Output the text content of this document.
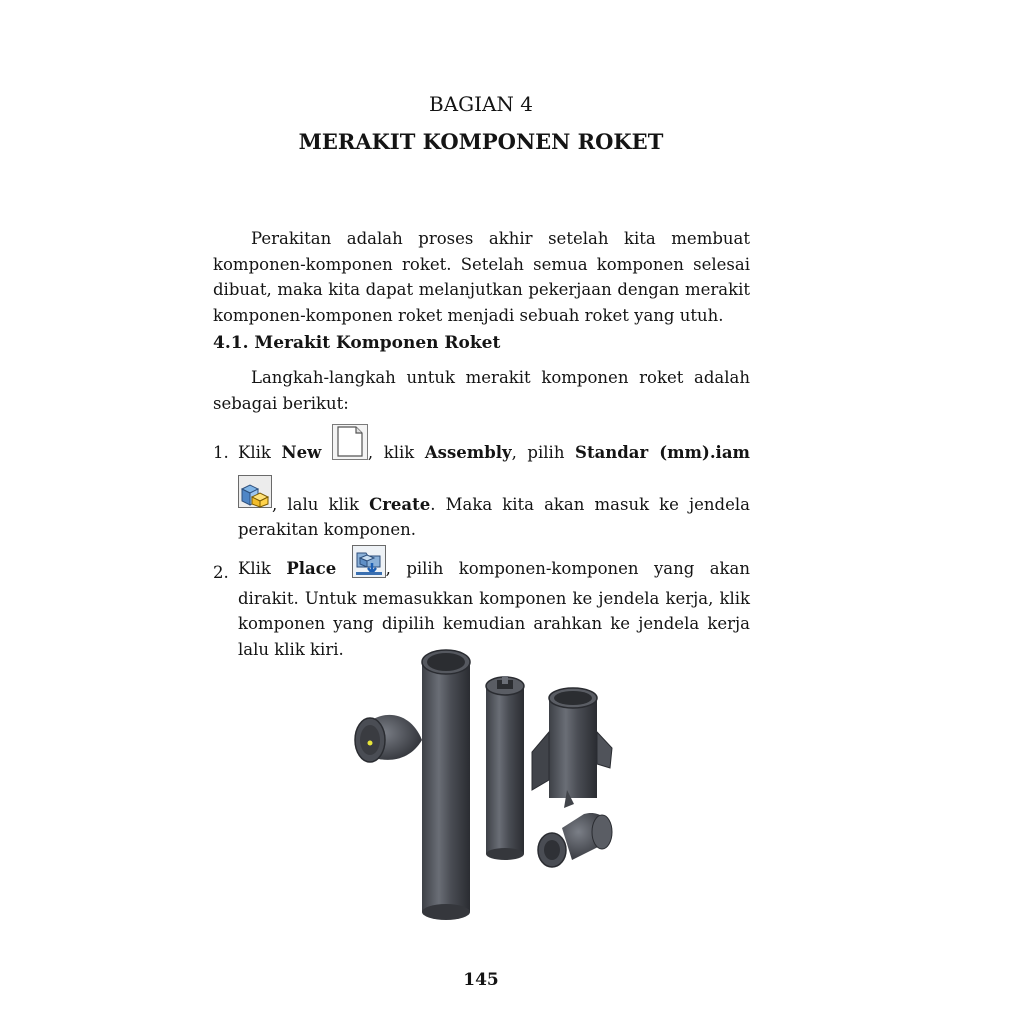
BAGIAN 4
MERAKIT KOMPONEN ROKET
Perakitan adalah proses akhir setelah kita membuat komponen-komponen roket. Setelah semua komponen selesai dibuat, maka kita dapat melanjutkan pekerjaan dengan merakit komponen-komponen roket menjadi sebuah roket yang utuh.
4.1. Merakit Komponen Roket
Langkah-langkah untuk merakit komponen roket adalah sebagai berikut:
1. Klik New	, klik Assembly, pilih Standar (mm).iam
, lalu klik Create. Maka kita akan masuk ke jendela perakitan komponen.
2. Klik Place	, pilih komponen-komponen yang akan dirakit. Untuk memasukkan komponen ke jendela kerja, klik komponen yang dipilih kemudian arahkan ke jendela kerja lalu klik kiri.
145
